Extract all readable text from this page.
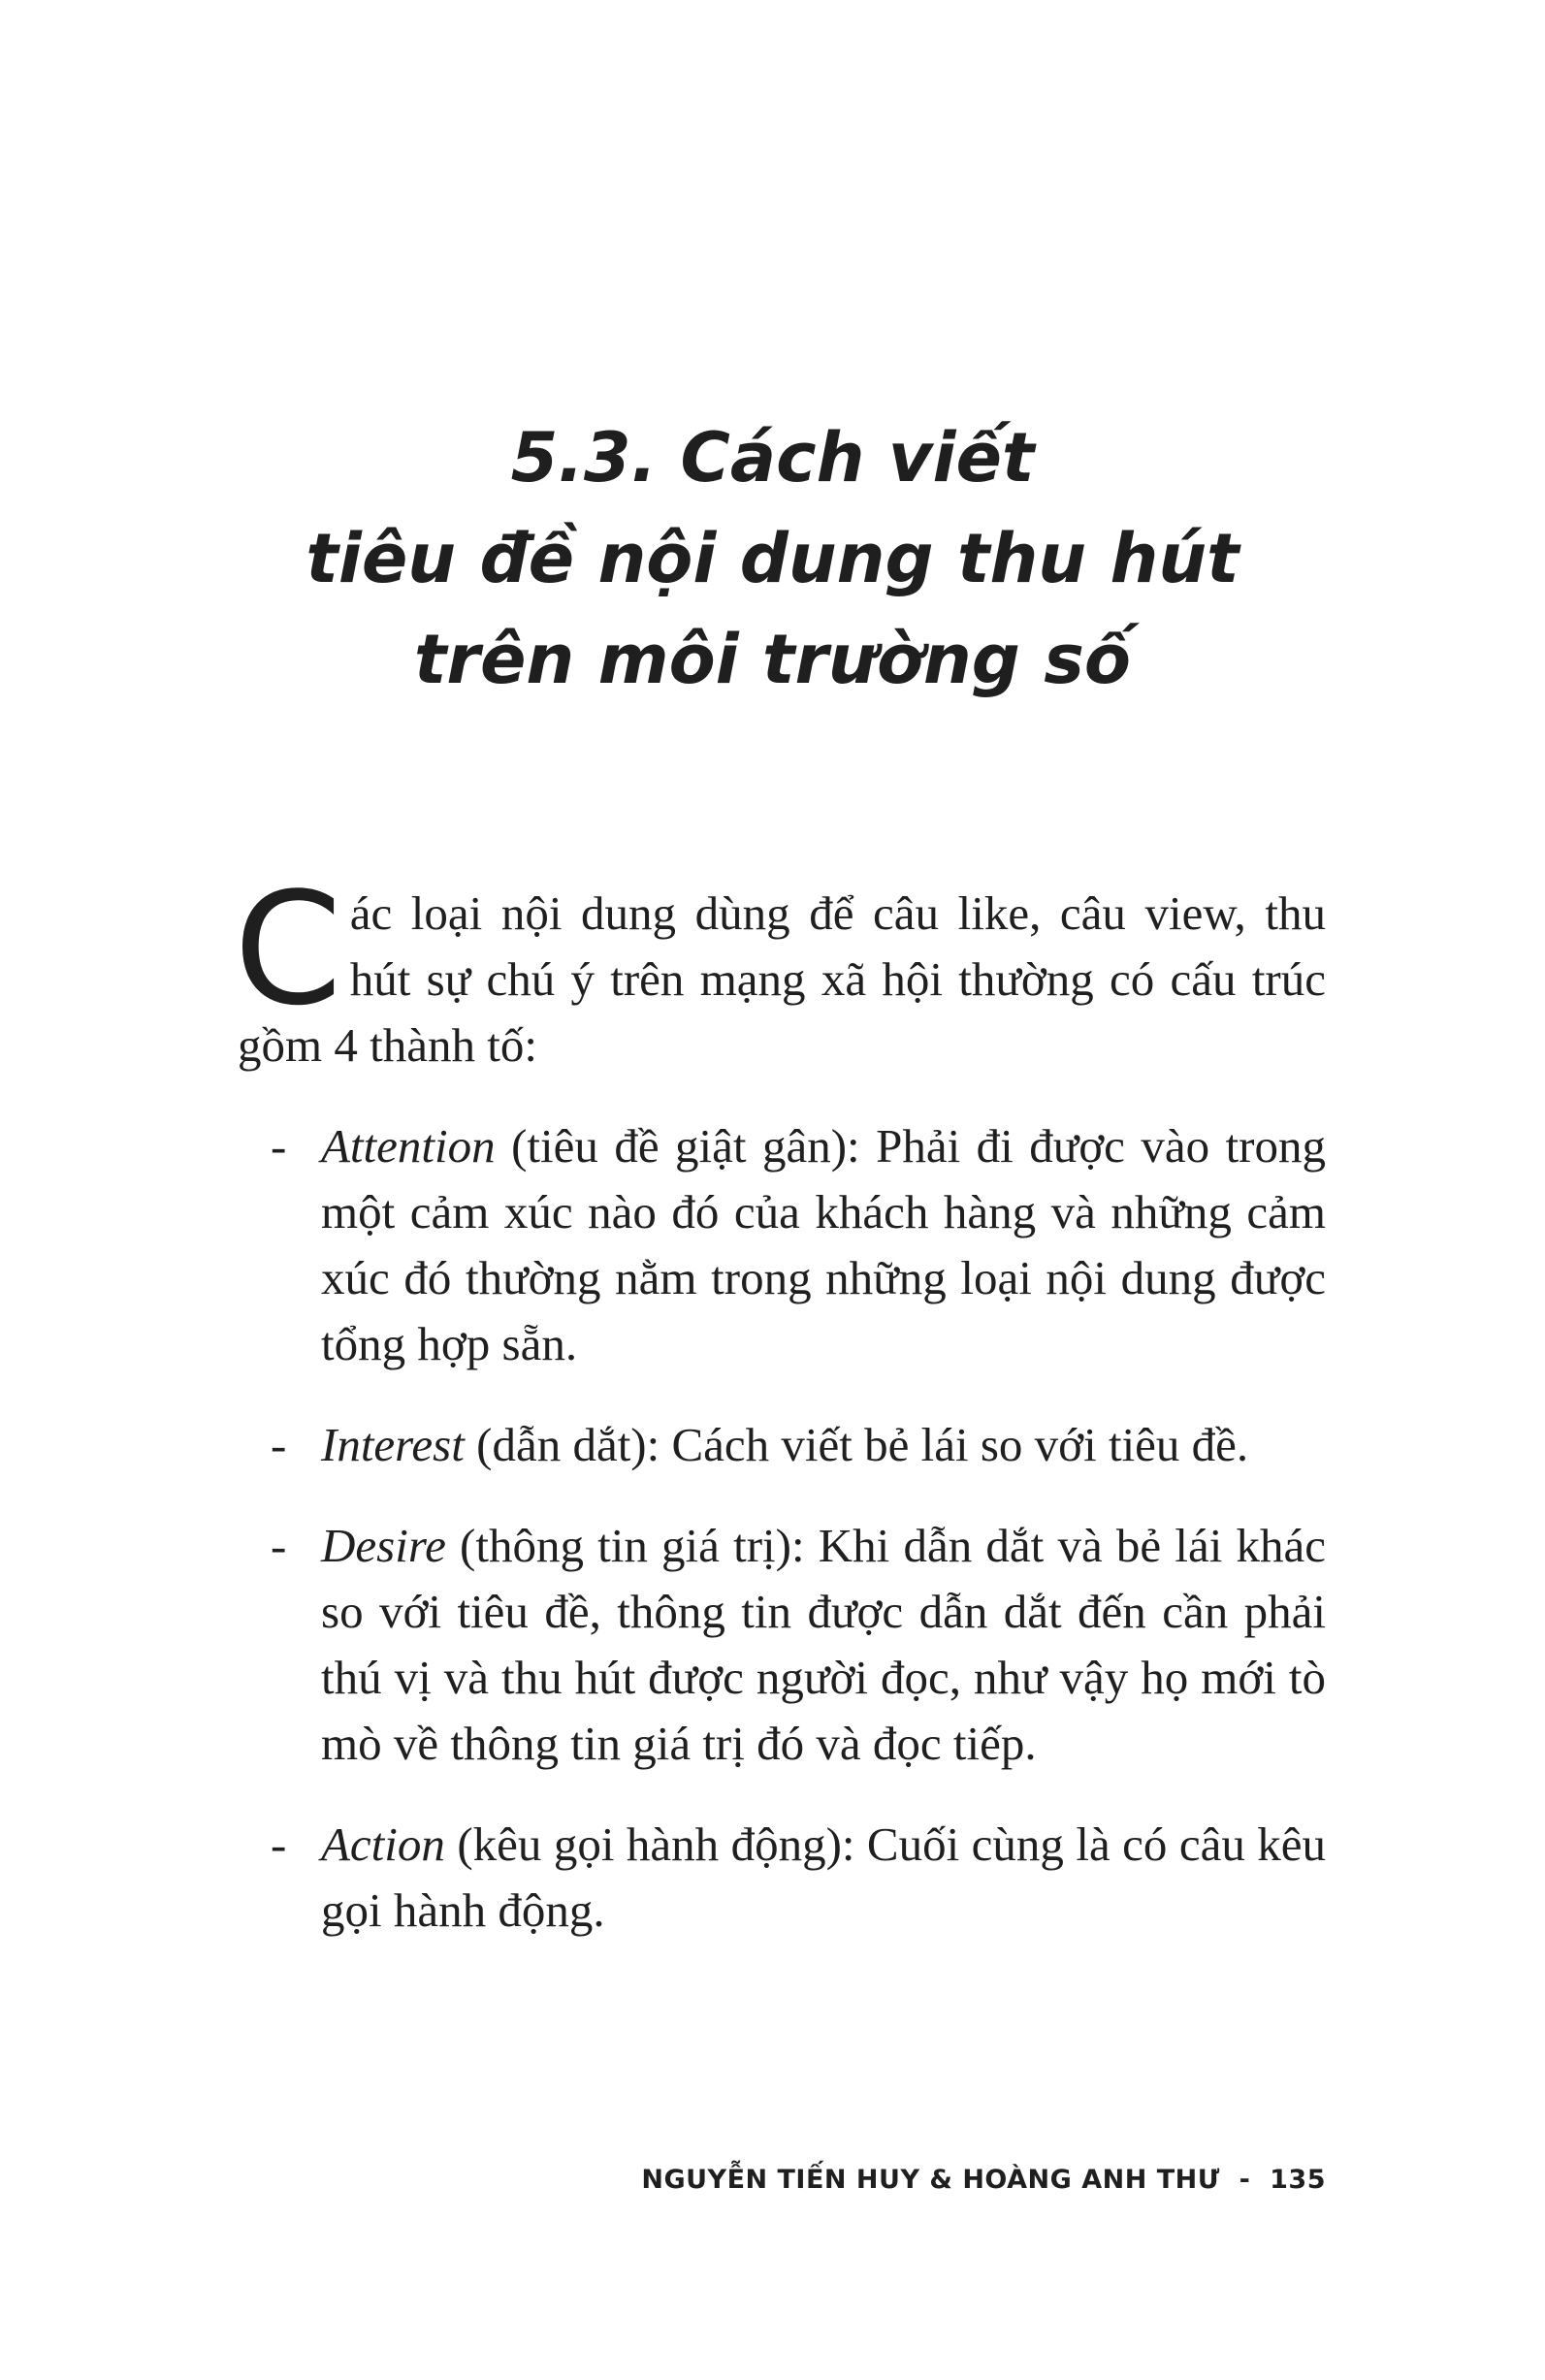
5.3. Cách viết
tiêu đề nội dung thu hút
trên môi trường số

Các loại nội dung dùng để câu like, câu view, thu hút sự chú ý trên mạng xã hội thường có cấu trúc gồm 4 thành tố:

- Attention (tiêu đề giật gân): Phải đi được vào trong một cảm xúc nào đó của khách hàng và những cảm xúc đó thường nằm trong những loại nội dung được tổng hợp sẵn.

- Interest (dẫn dắt): Cách viết bẻ lái so với tiêu đề.

- Desire (thông tin giá trị): Khi dẫn dắt và bẻ lái khác so với tiêu đề, thông tin được dẫn dắt đến cần phải thú vị và thu hút được người đọc, như vậy họ mới tò mò về thông tin giá trị đó và đọc tiếp.

- Action (kêu gọi hành động): Cuối cùng là có câu kêu gọi hành động.

NGUYỄN TIẾN HUY & HOÀNG ANH THƯ - 135
